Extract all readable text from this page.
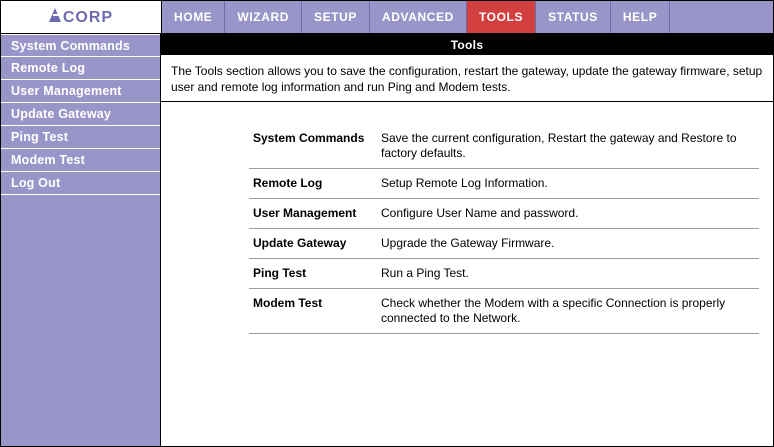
CORP	HOME	WIZARD	SETUP	ADVANCED	TOOLS	STATUS	HELP
System Commands
Remote Log
User Management
Update Gateway
Ping Test
Modem Test
Log Out
Tools
The Tools section allows you to save the configuration, restart the gateway, update the gateway firmware, setup user and remote log information and run Ping and Modem tests.
System Commands	Save the current configuration, Restart the gateway and Restore to factory defaults.
Remote Log	Setup Remote Log Information.
User Management	Configure User Name and password.
Update Gateway	Upgrade the Gateway Firmware.
Ping Test	Run a Ping Test.
Modem Test	Check whether the Modem with a specific Connection is properly connected to the Network.
